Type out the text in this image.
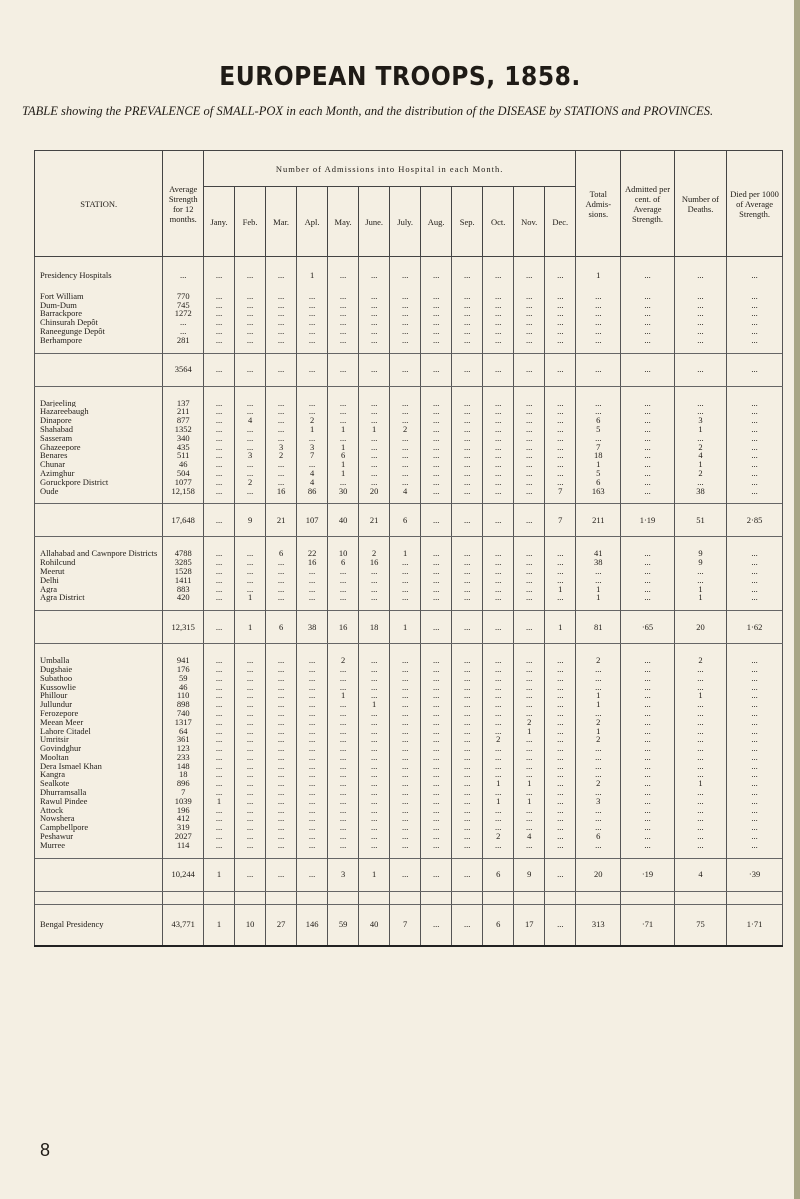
EUROPEAN TROOPS, 1858.
TABLE showing the PREVALENCE of SMALL-POX in each Month, and the distribution of the DISEASE by STATIONS and PROVINCES.
STATION.	Average Strength for 12 months.	Number of Admissions into Hospital in each Month.												Total Admis-sions.	Admitted per cent. of Average Strength.	Number of Deaths.	Died per 1000 of Average Strength.
		Jany.	Feb.	Mar.	Apl.	May.	June.	July.	Aug.	Sep.	Oct.	Nov.	Dec.				

Presidency Hospitals	...	...	...	...	1	...	...	...	...	...	...	...	...	1	...	...	...

Fort William	770	...	...	...	...	...	...	...	...	...	...	...	...	...	...	...	...
Dum-Dum	745	...	...	...	...	...	...	...	...	...	...	...	...	...	...	...	...
Barrackpore	1272	...	...	...	...	...	...	...	...	...	...	...	...	...	...	...	...
Chinsurah Depôt	...	...	...	...	...	...	...	...	...	...	...	...	...	...	...	...	...
Raneegunge Depôt	...	...	...	...	...	...	...	...	...	...	...	...	...	...	...	...	...
Berhampore	281	...	...	...	...	...	...	...	...	...	...	...	...	...	...	...	...

	3564	...	...	...	...	...	...	...	...	...	...	...	...	...	...	...	...

Darjeeling	137	...	...	...	...	...	...	...	...	...	...	...	...	...	...	...	...
Hazareebaugh	211	...	...	...	...	...	...	...	...	...	...	...	...	...	...	...	...
Dinapore	877	...	4	...	2	...	...	...	...	...	...	...	...	6	...	3	...
Shahabad	1352	...	...	...	1	1	1	2	...	...	...	...	...	5	...	1	...
Sasseram	340	...	...	...	...	...	...	...	...	...	...	...	...	...	...	...	...
Ghazeepore	435	...	...	3	3	1	...	...	...	...	...	...	...	7	...	2	...
Benares	511	...	3	2	7	6	...	...	...	...	...	...	...	18	...	4	...
Chunar	46	...	...	...	...	1	...	...	...	...	...	...	...	1	...	1	...
Azimghur	504	...	...	...	4	1	...	...	...	...	...	...	...	5	...	2	...
Goruckpore District	1077	...	2	...	4	...	...	...	...	...	...	...	...	6	...	...	...
Oude	12,158	...	...	16	86	30	20	4	...	...	...	...	7	163	...	38	...

	17,648	...	9	21	107	40	21	6	...	...	...	...	7	211	1·19	51	2·85

Allahabad and Cawnpore Districts	4788	...	...	6	22	10	2	1	...	...	...	...	...	41	...	9	...
Rohilcund	3285	...	...	...	16	6	16	...	...	...	...	...	...	38	...	9	...
Meerut	1528	...	...	...	...	...	...	...	...	...	...	...	...	...	...	...	...
Delhi	1411	...	...	...	...	...	...	...	...	...	...	...	...	...	...	...	...
Agra	883	...	...	...	...	...	...	...	...	...	...	...	1	1	...	1	...
Agra District	420	...	1	...	...	...	...	...	...	...	...	...	...	1	...	1	...

	12,315	...	1	6	38	16	18	1	...	...	...	...	1	81	·65	20	1·62

Umballa	941	...	...	...	...	2	...	...	...	...	...	...	...	2	...	2	...
Dugshaie	176	...	...	...	...	...	...	...	...	...	...	...	...	...	...	...	...
Subathoo	59	...	...	...	...	...	...	...	...	...	...	...	...	...	...	...	...
Kussowlie	46	...	...	...	...	...	...	...	...	...	...	...	...	...	...	...	...
Phillour	110	...	...	...	...	1	...	...	...	...	...	...	...	1	...	1	...
Jullundur	898	...	...	...	...	...	1	...	...	...	...	...	...	1	...	...	...
Ferozepore	740	...	...	...	...	...	...	...	...	...	...	...	...	...	...	...	...
Meean Meer	1317	...	...	...	...	...	...	...	...	...	...	2	...	2	...	...	...
Lahore Citadel	64	...	...	...	...	...	...	...	...	...	...	1	...	1	...	...	...
Umritsir	361	...	...	...	...	...	...	...	...	...	2	...	...	2	...	...	...
Govindghur	123	...	...	...	...	...	...	...	...	...	...	...	...	...	...	...	...
Mooltan	233	...	...	...	...	...	...	...	...	...	...	...	...	...	...	...	...
Dera Ismael Khan	148	...	...	...	...	...	...	...	...	...	...	...	...	...	...	...	...
Kangra	18	...	...	...	...	...	...	...	...	...	...	...	...	...	...	...	...
Sealkote	896	...	...	...	...	...	...	...	...	...	1	1	...	2	...	1	...
Dhurramsalla	7	...	...	...	...	...	...	...	...	...	...	...	...	...	...	...	...
Rawul Pindee	1039	1	...	...	...	...	...	...	...	...	1	1	...	3	...	...	...
Attock	196	...	...	...	...	...	...	...	...	...	...	...	...	...	...	...	...
Nowshera	412	...	...	...	...	...	...	...	...	...	...	...	...	...	...	...	...
Campbellpore	319	...	...	...	...	...	...	...	...	...	...	...	...	...	...	...	...
Peshawur	2027	...	...	...	...	...	...	...	...	...	2	4	...	6	...	...	...
Murree	114	...	...	...	...	...	...	...	...	...	...	...	...	...	...	...	...

	10,244	1	...	...	...	3	1	...	...	...	6	9	...	20	·19	4	·39

Bengal Presidency	43,771	1	10	27	146	59	40	7	...	...	6	17	...	313	·71	75	1·71
8
